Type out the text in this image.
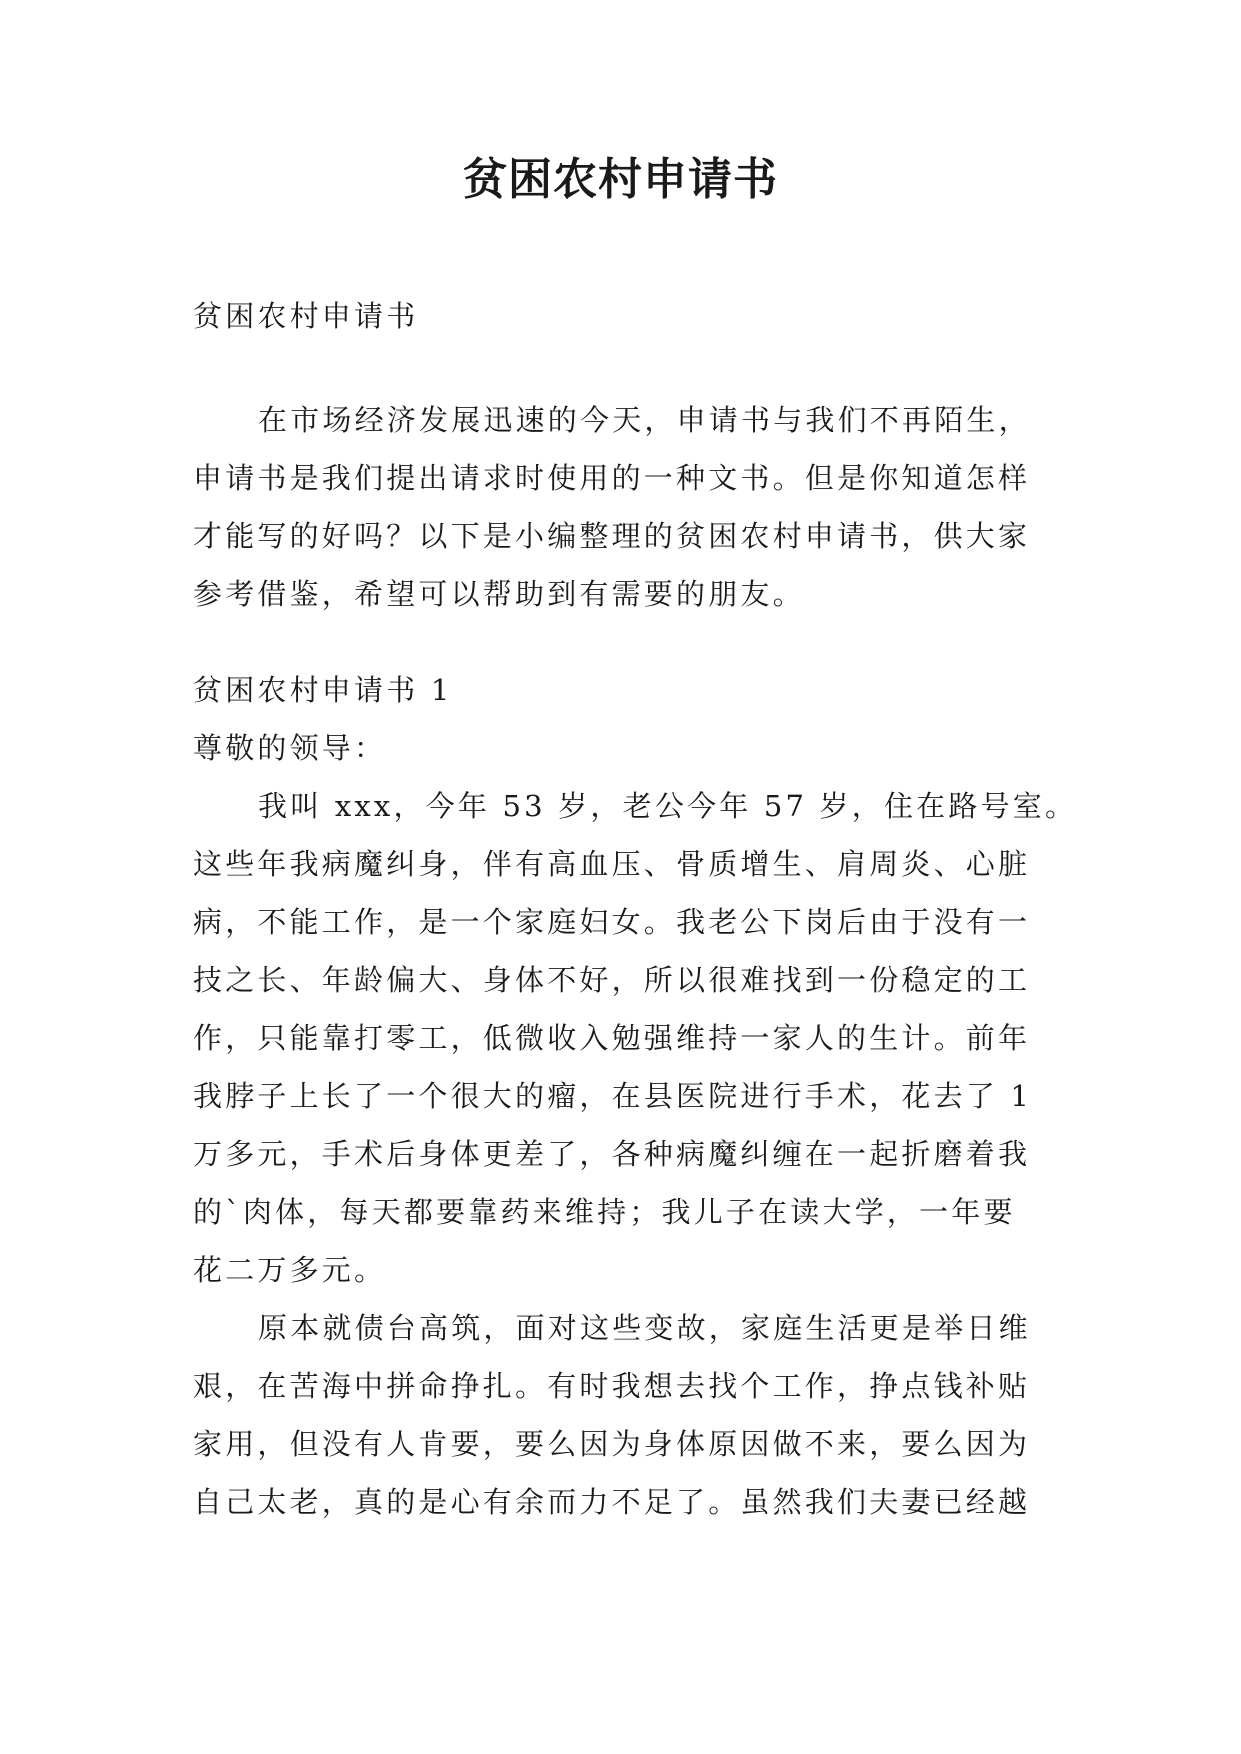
贫困农村申请书
贫困农村申请书
在市场经济发展迅速的今天，申请书与我们不再陌生，
申请书是我们提出请求时使用的一种文书。但是你知道怎样
才能写的好吗？以下是小编整理的贫困农村申请书，供大家
参考借鉴，希望可以帮助到有需要的朋友。
贫困农村申请书 1
尊敬的领导：
我叫 xxx，今年 53 岁，老公今年 57 岁，住在路号室。
这些年我病魔纠身，伴有高血压、骨质增生、肩周炎、心脏
病，不能工作，是一个家庭妇女。我老公下岗后由于没有一
技之长、年龄偏大、身体不好，所以很难找到一份稳定的工
作，只能靠打零工，低微收入勉强维持一家人的生计。前年
我脖子上长了一个很大的瘤，在县医院进行手术，花去了 1
万多元，手术后身体更差了，各种病魔纠缠在一起折磨着我
的`肉体，每天都要靠药来维持；我儿子在读大学，一年要
花二万多元。
原本就债台高筑，面对这些变故，家庭生活更是举日维
艰，在苦海中拼命挣扎。有时我想去找个工作，挣点钱补贴
家用，但没有人肯要，要么因为身体原因做不来，要么因为
自己太老，真的是心有余而力不足了。虽然我们夫妻已经越
